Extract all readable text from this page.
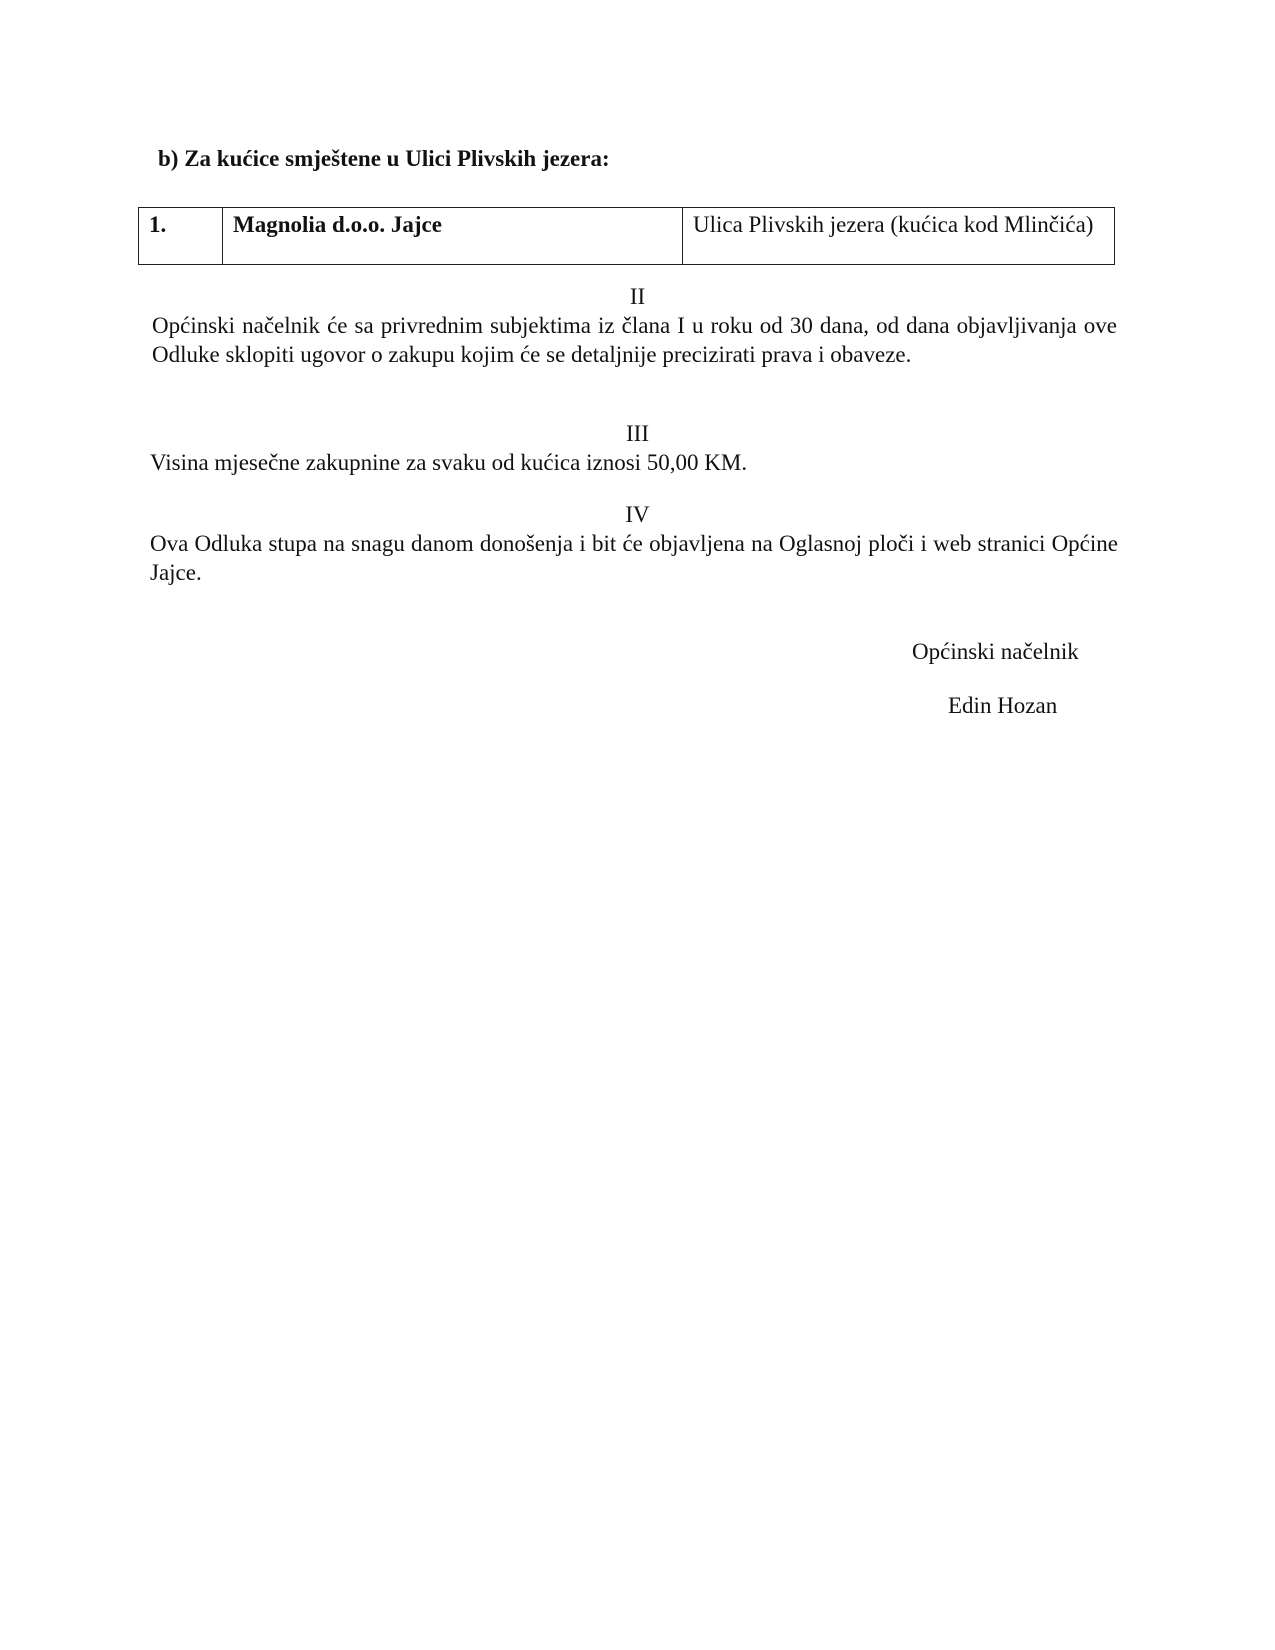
b) Za kućice smještene u Ulici Plivskih jezera:

1.	Magnolia d.o.o. Jajce	Ulica Plivskih jezera (kućica kod Mlinčića)

II

Općinski načelnik će sa privrednim subjektima iz člana I u roku od 30 dana, od dana objavljivanja ove Odluke sklopiti ugovor o zakupu kojim će se detaljnije precizirati prava i obaveze.

III

Visina mjesečne zakupnine za svaku od kućica iznosi 50,00 KM.

IV

Ova Odluka stupa na snagu danom donošenja i bit će objavljena na Oglasnoj ploči i web stranici Općine Jajce.

Općinski načelnik

Edin Hozan
